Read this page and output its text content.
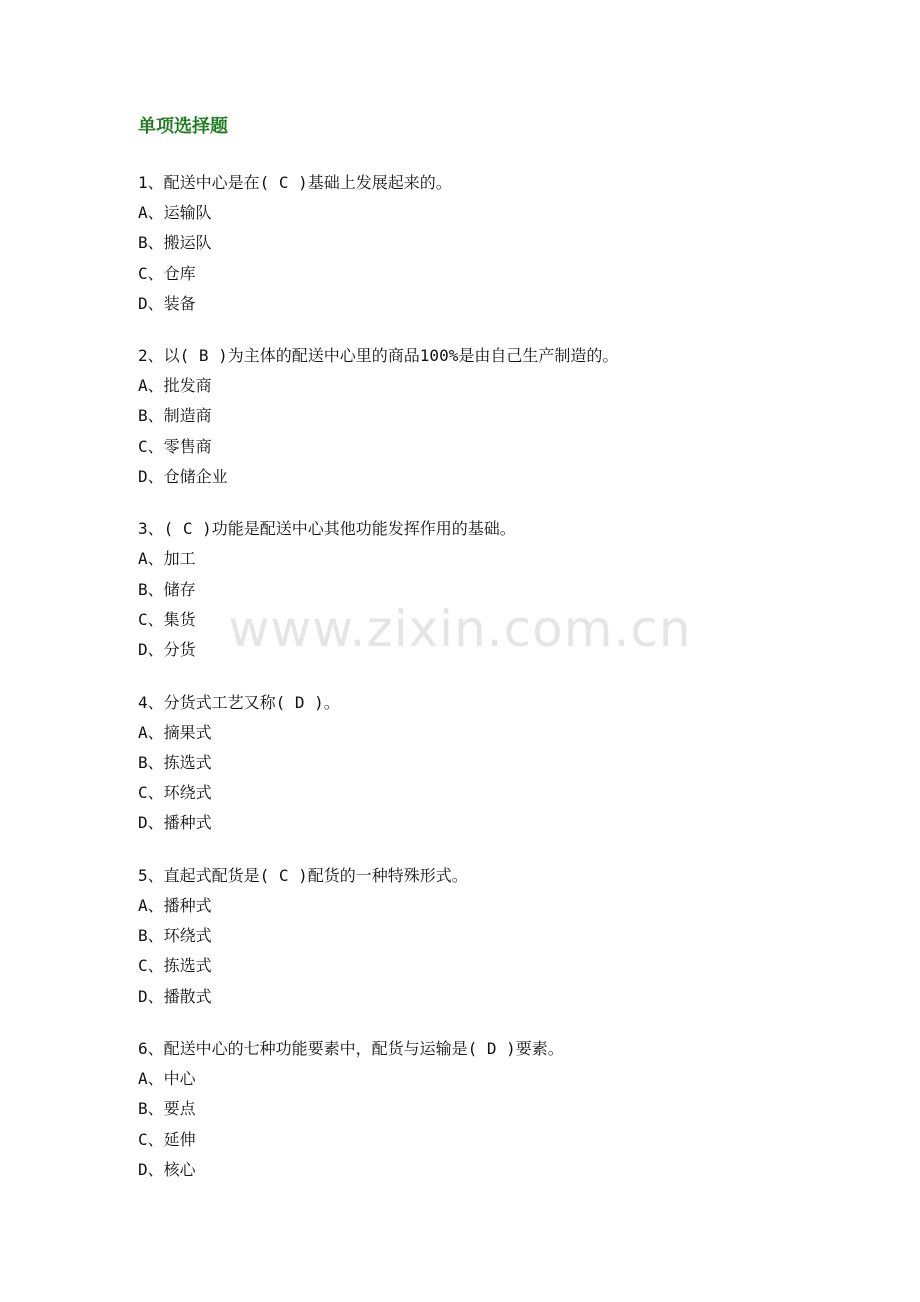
单项选择题
1、配送中心是在( C )基础上发展起来的。
A、运输队
B、搬运队
C、仓库
D、装备
2、以( B )为主体的配送中心里的商品100%是由自己生产制造的。
A、批发商
B、制造商
C、零售商
D、仓储企业
3、( C )功能是配送中心其他功能发挥作用的基础。
A、加工
B、储存
C、集货
D、分货
4、分货式工艺又称( D )。
A、摘果式
B、拣选式
C、环绕式
D、播种式
5、直起式配货是( C )配货的一种特殊形式。
A、播种式
B、环绕式
C、拣选式
D、播散式
6、配送中心的七种功能要素中，配货与运输是( D )要素。
A、中心
B、要点
C、延伸
D、核心
www.zixin.com.cn
